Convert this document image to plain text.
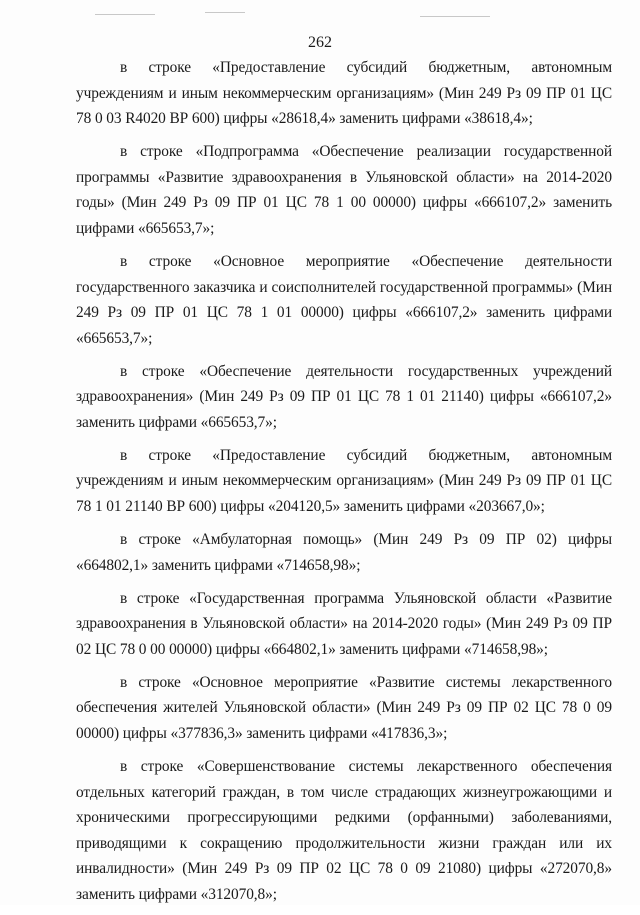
262

в строке «Предоставление субсидий бюджетным, автономным учреждениям и иным некоммерческим организациям» (Мин 249 Рз 09 ПР 01 ЦС 78 0 03 R4020 ВР 600) цифры «28618,4» заменить цифрами «38618,4»;

в строке «Подпрограмма «Обеспечение реализации государственной программы «Развитие здравоохранения в Ульяновской области» на 2014-2020 годы» (Мин 249 Рз 09 ПР 01 ЦС 78 1 00 00000) цифры «666107,2» заменить цифрами «665653,7»;

в строке «Основное мероприятие «Обеспечение деятельности государственного заказчика и соисполнителей государственной программы» (Мин 249 Рз 09 ПР 01 ЦС 78 1 01 00000) цифры «666107,2» заменить цифрами «665653,7»;

в строке «Обеспечение деятельности государственных учреждений здравоохранения» (Мин 249 Рз 09 ПР 01 ЦС 78 1 01 21140) цифры «666107,2» заменить цифрами «665653,7»;

в строке «Предоставление субсидий бюджетным, автономным учреждениям и иным некоммерческим организациям» (Мин 249 Рз 09 ПР 01 ЦС 78 1 01 21140 ВР 600) цифры «204120,5» заменить цифрами «203667,0»;

в строке «Амбулаторная помощь» (Мин 249 Рз 09 ПР 02) цифры «664802,1» заменить цифрами «714658,98»;

в строке «Государственная программа Ульяновской области «Развитие здравоохранения в Ульяновской области» на 2014-2020 годы» (Мин 249 Рз 09 ПР 02 ЦС 78 0 00 00000) цифры «664802,1» заменить цифрами «714658,98»;

в строке «Основное мероприятие «Развитие системы лекарственного обеспечения жителей Ульяновской области» (Мин 249 Рз 09 ПР 02 ЦС 78 0 09 00000) цифры «377836,3» заменить цифрами «417836,3»;

в строке «Совершенствование системы лекарственного обеспечения отдельных категорий граждан, в том числе страдающих жизнеугрожающими и хроническими прогрессирующими редкими (орфанными) заболеваниями, приводящими к сокращению продолжительности жизни граждан или их инвалидности» (Мин 249 Рз 09 ПР 02 ЦС 78 0 09 21080) цифры «272070,8» заменить цифрами «312070,8»;
